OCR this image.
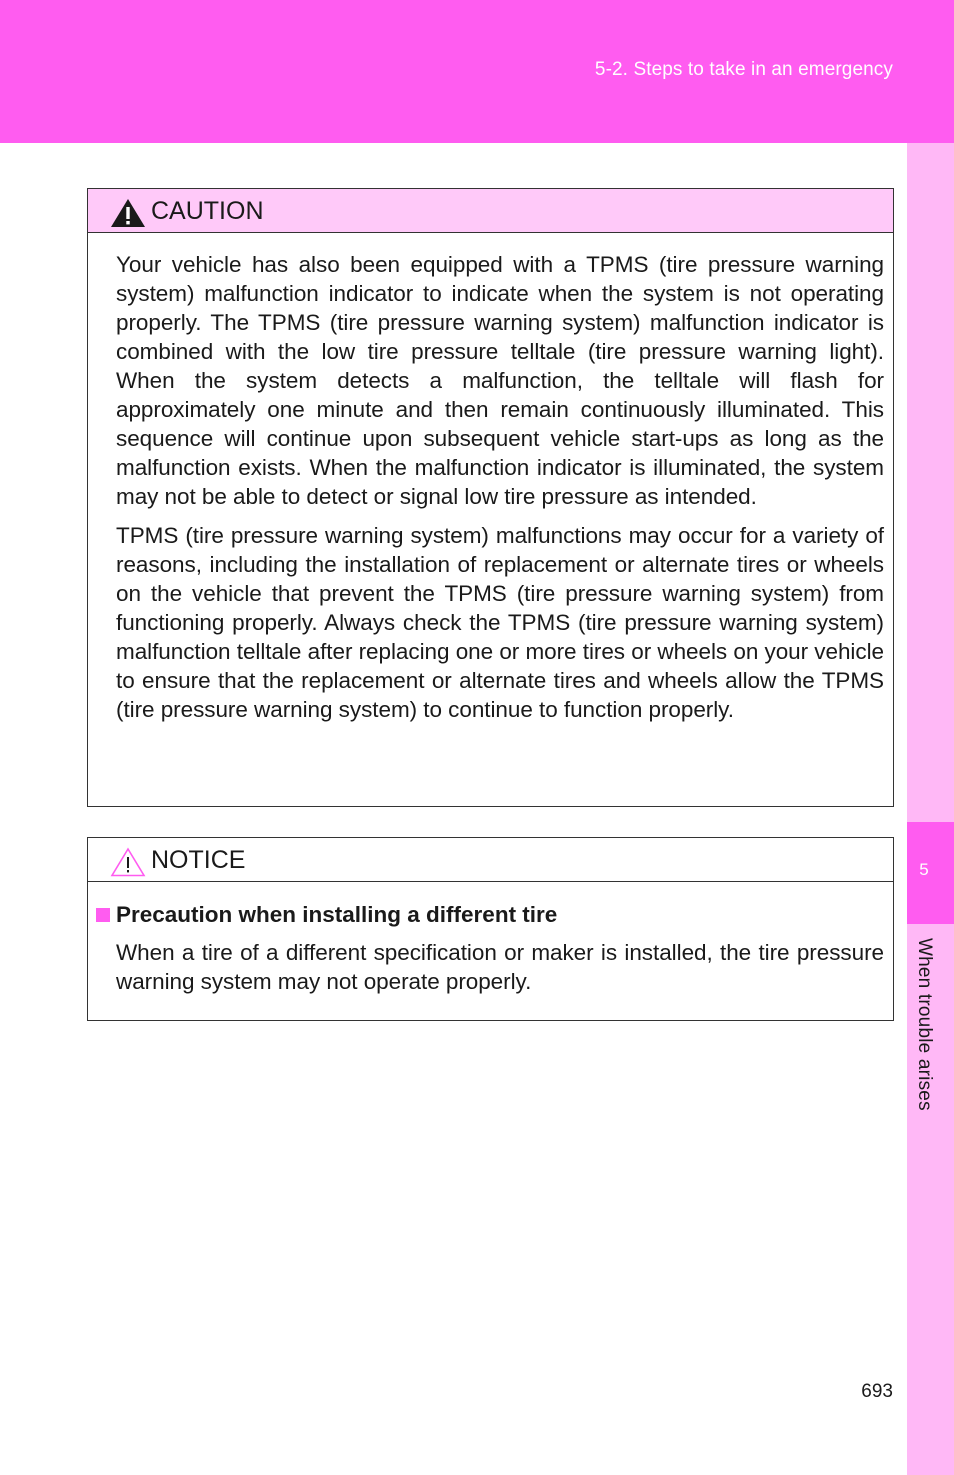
5-2. Steps to take in an emergency
5
When trouble arises
CAUTION

Your vehicle has also been equipped with a TPMS (tire pressure warning system) malfunction indicator to indicate when the system is not operating properly. The TPMS (tire pressure warning system) malfunction indicator is combined with the low tire pressure telltale (tire pressure warning light). When the system detects a malfunction, the telltale will flash for approximately one minute and then remain continuously illuminated. This sequence will continue upon subsequent vehicle start-ups as long as the malfunction exists. When the malfunction indicator is illuminated, the system may not be able to detect or signal low tire pressure as intended.

TPMS (tire pressure warning system) malfunctions may occur for a variety of reasons, including the installation of replacement or alternate tires or wheels on the vehicle that prevent the TPMS (tire pressure warning system) from functioning properly. Always check the TPMS (tire pressure warning system) malfunction telltale after replacing one or more tires or wheels on your vehicle to ensure that the replacement or alternate tires and wheels allow the TPMS (tire pressure warning system) to continue to function properly.

NOTICE
Precaution when installing a different tire

When a tire of a different specification or maker is installed, the tire pressure warning system may not operate properly.

693
